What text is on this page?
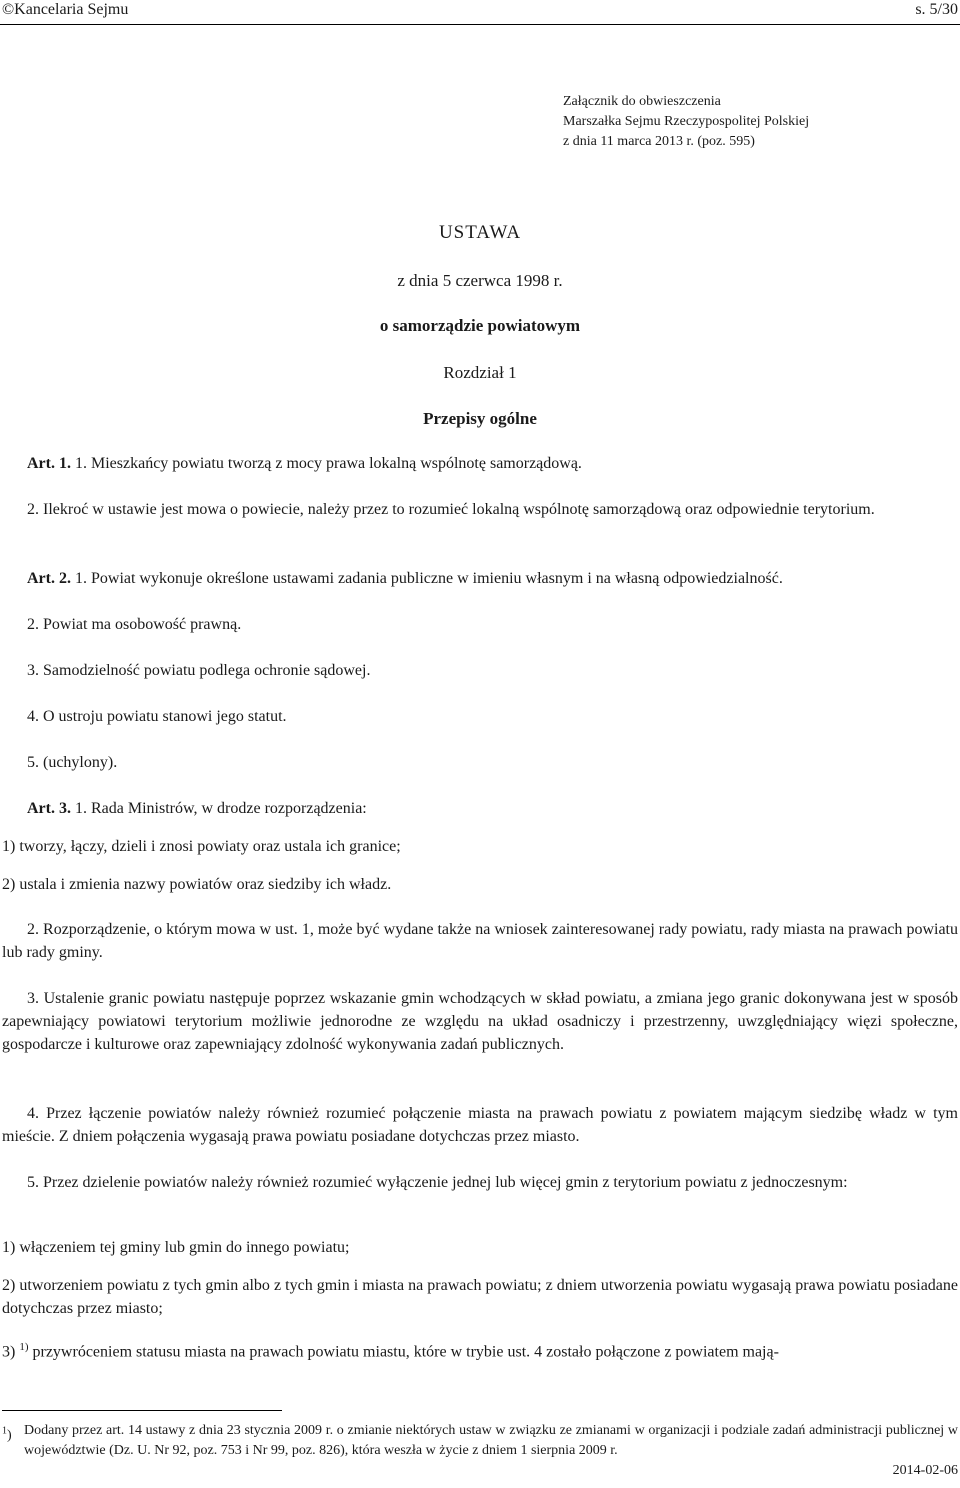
©Kancelaria Sejmu	s. 5/30
Załącznik do obwieszczenia
Marszałka Sejmu Rzeczypospolitej Polskiej
z dnia 11 marca 2013 r. (poz. 595)
USTAWA
z dnia 5 czerwca 1998 r.
o samorządzie powiatowym
Rozdział 1
Przepisy ogólne
Art. 1. 1. Mieszkańcy powiatu tworzą z mocy prawa lokalną wspólnotę samorządową.
2. Ilekroć w ustawie jest mowa o powiecie, należy przez to rozumieć lokalną wspólnotę samorządową oraz odpowiednie terytorium.
Art. 2. 1. Powiat wykonuje określone ustawami zadania publiczne w imieniu własnym i na własną odpowiedzialność.
2. Powiat ma osobowość prawną.
3. Samodzielność powiatu podlega ochronie sądowej.
4. O ustroju powiatu stanowi jego statut.
5. (uchylony).
Art. 3. 1. Rada Ministrów, w drodze rozporządzenia:
1) tworzy, łączy, dzieli i znosi powiaty oraz ustala ich granice;
2) ustala i zmienia nazwy powiatów oraz siedziby ich władz.
2. Rozporządzenie, o którym mowa w ust. 1, może być wydane także na wniosek zainteresowanej rady powiatu, rady miasta na prawach powiatu lub rady gminy.
3. Ustalenie granic powiatu następuje poprzez wskazanie gmin wchodzących w skład powiatu, a zmiana jego granic dokonywana jest w sposób zapewniający powiatowi terytorium możliwie jednorodne ze względu na układ osadniczy i przestrzenny, uwzględniający więzi społeczne, gospodarcze i kulturowe oraz zapewniający zdolność wykonywania zadań publicznych.
4. Przez łączenie powiatów należy również rozumieć połączenie miasta na prawach powiatu z powiatem mającym siedzibę władz w tym mieście. Z dniem połączenia wygasają prawa powiatu posiadane dotychczas przez miasto.
5. Przez dzielenie powiatów należy również rozumieć wyłączenie jednej lub więcej gmin z terytorium powiatu z jednoczesnym:
1) włączeniem tej gminy lub gmin do innego powiatu;
2) utworzeniem powiatu z tych gmin albo z tych gmin i miasta na prawach powiatu; z dniem utworzenia powiatu wygasają prawa powiatu posiadane dotychczas przez miasto;
3) $^{1)}$ przywróceniem statusu miasta na prawach powiatu miastu, które w trybie ust. 4 zostało połączone z powiatem mają-
$^1$) Dodany przez art. 14 ustawy z dnia 23 stycznia 2009 r. o zmianie niektórych ustaw w związku ze zmianami w organizacji i podziale zadań administracji publicznej w województwie (Dz. U. Nr 92, poz. 753 i Nr 99, poz. 826), która weszła w życie z dniem 1 sierpnia 2009 r.
2014-02-06
